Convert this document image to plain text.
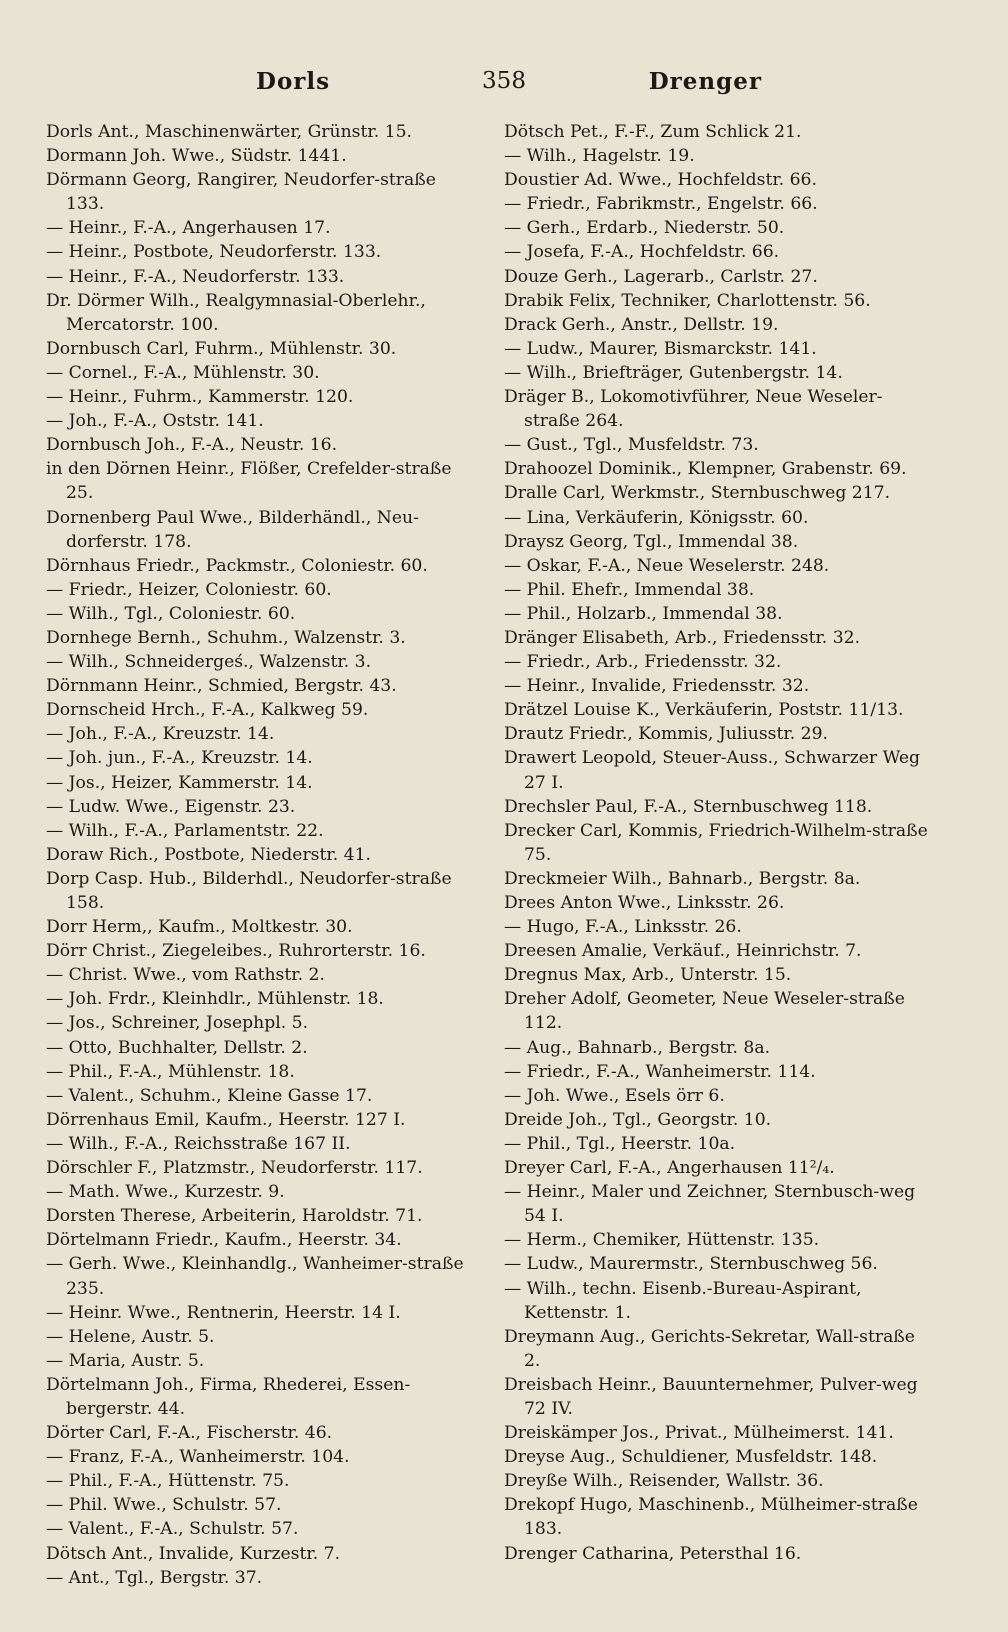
Dorls	358	Drenger
Dorls Ant., Maschinenwärter, Grünstr. 15.
Dormann Joh. Wwe., Südstr. 1441.
Dörmann Georg, Rangirer, Neudorfer-straße 133.
— Heinr., F.-A., Angerhausen 17.
— Heinr., Postbote, Neudorferstr. 133.
— Heinr., F.-A., Neudorferstr. 133.
Dr. Dörmer Wilh., Realgymnasial-Oberlehr., Mercatorstr. 100.
Dornbusch Carl, Fuhrm., Mühlenstr. 30.
— Cornel., F.-A., Mühlenstr. 30.
— Heinr., Fuhrm., Kammerstr. 120.
— Joh., F.-A., Oststr. 141.
Dornbusch Joh., F.-A., Neustr. 16.
in den Dörnen Heinr., Flößer, Crefelder-straße 25.
Dornenberg Paul Wwe., Bilderhändl., Neu-dorferstr. 178.
Dörnhaus Friedr., Packmstr., Coloniestr. 60.
— Friedr., Heizer, Coloniestr. 60.
— Wilh., Tgl., Coloniestr. 60.
Dornhege Bernh., Schuhm., Walzenstr. 3.
— Wilh., Schneidergeś., Walzenstr. 3.
Dörnmann Heinr., Schmied, Bergstr. 43.
Dornscheid Hrch., F.-A., Kalkweg 59.
— Joh., F.-A., Kreuzstr. 14.
— Joh. jun., F.-A., Kreuzstr. 14.
— Jos., Heizer, Kammerstr. 14.
— Ludw. Wwe., Eigenstr. 23.
— Wilh., F.-A., Parlamentstr. 22.
Doraw Rich., Postbote, Niederstr. 41.
Dorp Casp. Hub., Bilderhdl., Neudorfer-straße 158.
Dorr Herm,, Kaufm., Moltkestr. 30.
Dörr Christ., Ziegeleibes., Ruhrorterstr. 16.
— Christ. Wwe., vom Rathstr. 2.
— Joh. Frdr., Kleinhdlr., Mühlenstr. 18.
— Jos., Schreiner, Josephpl. 5.
— Otto, Buchhalter, Dellstr. 2.
— Phil., F.-A., Mühlenstr. 18.
— Valent., Schuhm., Kleine Gasse 17.
Dörrenhaus Emil, Kaufm., Heerstr. 127 I.
— Wilh., F.-A., Reichsstraße 167 II.
Dörschler F., Platzmstr., Neudorferstr. 117.
— Math. Wwe., Kurzestr. 9.
Dorsten Therese, Arbeiterin, Haroldstr. 71.
Dörtelmann Friedr., Kaufm., Heerstr. 34.
— Gerh. Wwe., Kleinhandlg., Wanheimer-straße 235.
— Heinr. Wwe., Rentnerin, Heerstr. 14 I.
— Helene, Austr. 5.
— Maria, Austr. 5.
Dörtelmann Joh., Firma, Rhederei, Essen-bergerstr. 44.
Dörter Carl, F.-A., Fischerstr. 46.
— Franz, F.-A., Wanheimerstr. 104.
— Phil., F.-A., Hüttenstr. 75.
— Phil. Wwe., Schulstr. 57.
— Valent., F.-A., Schulstr. 57.
Dötsch Ant., Invalide, Kurzestr. 7.
— Ant., Tgl., Bergstr. 37.
Dötsch Pet., F.-F., Zum Schlick 21.
— Wilh., Hagelstr. 19.
Doustier Ad. Wwe., Hochfeldstr. 66.
— Friedr., Fabrikmstr., Engelstr. 66.
— Gerh., Erdarb., Niederstr. 50.
— Josefa, F.-A., Hochfeldstr. 66.
Douze Gerh., Lagerarb., Carlstr. 27.
Drabik Felix, Techniker, Charlottenstr. 56.
Drack Gerh., Anstr., Dellstr. 19.
— Ludw., Maurer, Bismarckstr. 141.
— Wilh., Briefträger, Gutenbergstr. 14.
Dräger B., Lokomotivführer, Neue Weseler-straße 264.
— Gust., Tgl., Musfeldstr. 73.
Drahoozel Dominik., Klempner, Grabenstr. 69.
Dralle Carl, Werkmstr., Sternbuschweg 217.
— Lina, Verkäuferin, Königsstr. 60.
Draysz Georg, Tgl., Immendal 38.
— Oskar, F.-A., Neue Weselerstr. 248.
— Phil. Ehefr., Immendal 38.
— Phil., Holzarb., Immendal 38.
Dränger Elisabeth, Arb., Friedensstr. 32.
— Friedr., Arb., Friedensstr. 32.
— Heinr., Invalide, Friedensstr. 32.
Drätzel Louise K., Verkäuferin, Poststr. 11/13.
Drautz Friedr., Kommis, Juliusstr. 29.
Drawert Leopold, Steuer-Auss., Schwarzer Weg 27 I.
Drechsler Paul, F.-A., Sternbuschweg 118.
Drecker Carl, Kommis, Friedrich-Wilhelm-straße 75.
Dreckmeier Wilh., Bahnarb., Bergstr. 8a.
Drees Anton Wwe., Linksstr. 26.
— Hugo, F.-A., Linksstr. 26.
Dreesen Amalie, Verkäuf., Heinrichstr. 7.
Dregnus Max, Arb., Unterstr. 15.
Dreher Adolf, Geometer, Neue Weseler-straße 112.
— Aug., Bahnarb., Bergstr. 8a.
— Friedr., F.-A., Wanheimerstr. 114.
— Joh. Wwe., Esels örr 6.
Dreide Joh., Tgl., Georgstr. 10.
— Phil., Tgl., Heerstr. 10a.
Dreyer Carl, F.-A., Angerhausen 11²/₄.
— Heinr., Maler und Zeichner, Sternbusch-weg 54 I.
— Herm., Chemiker, Hüttenstr. 135.
— Ludw., Maurermstr., Sternbuschweg 56.
— Wilh., techn. Eisenb.-Bureau-Aspirant, Kettenstr. 1.
Dreymann Aug., Gerichts-Sekretar, Wall-straße 2.
Dreisbach Heinr., Bauunternehmer, Pulver-weg 72 IV.
Dreiskämper Jos., Privat., Mülheimerst. 141.
Dreyse Aug., Schuldiener, Musfeldstr. 148.
Dreyße Wilh., Reisender, Wallstr. 36.
Drekopf Hugo, Maschinenb., Mülheimer-straße 183.
Drenger Catharina, Petersthal 16.
